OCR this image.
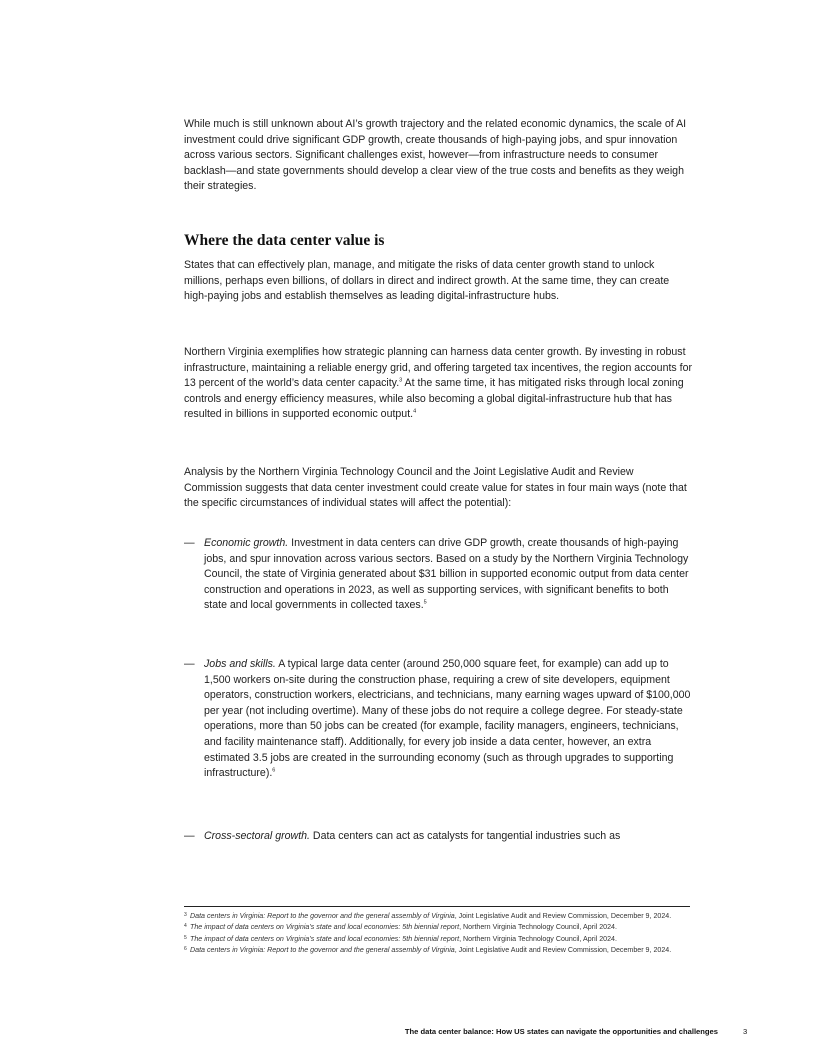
While much is still unknown about AI’s growth trajectory and the related economic dynamics, the scale of AI investment could drive significant GDP growth, create thousands of high-paying jobs, and spur innovation across various sectors. Significant challenges exist, however—from infrastructure needs to consumer backlash—and state governments should develop a clear view of the true costs and benefits as they weigh their strategies.

Where the data center value is

States that can effectively plan, manage, and mitigate the risks of data center growth stand to unlock millions, perhaps even billions, of dollars in direct and indirect growth. At the same time, they can create high-paying jobs and establish themselves as leading digital-infrastructure hubs.

Northern Virginia exemplifies how strategic planning can harness data center growth. By investing in robust infrastructure, maintaining a reliable energy grid, and offering targeted tax incentives, the region accounts for 13 percent of the world’s data center capacity.$^3$ At the same time, it has mitigated risks through local zoning controls and energy efficiency measures, while also becoming a global digital-infrastructure hub that has resulted in billions in supported economic output.$^4$

Analysis by the Northern Virginia Technology Council and the Joint Legislative Audit and Review Commission suggests that data center investment could create value for states in four main ways (note that the specific circumstances of individual states will affect the potential):

— Economic growth. Investment in data centers can drive GDP growth, create thousands of high-paying jobs, and spur innovation across various sectors. Based on a study by the Northern Virginia Technology Council, the state of Virginia generated about $31 billion in supported economic output from data center construction and operations in 2023, as well as supporting services, with significant benefits to both state and local governments in collected taxes.$^5$
— Jobs and skills. A typical large data center (around 250,000 square feet, for example) can add up to 1,500 workers on-site during the construction phase, requiring a crew of site developers, equipment operators, construction workers, electricians, and technicians, many earning wages upward of $100,000 per year (not including overtime). Many of these jobs do not require a college degree. For steady-state operations, more than 50 jobs can be created (for example, facility managers, engineers, technicians, and facility maintenance staff). Additionally, for every job inside a data center, however, an extra estimated 3.5 jobs are created in the surrounding economy (such as through upgrades to supporting infrastructure).$^6$
— Cross-sectoral growth. Data centers can act as catalysts for tangential industries such as
3 Data centers in Virginia: Report to the governor and the general assembly of Virginia, Joint Legislative Audit and Review Commission, December 9, 2024.
4 The impact of data centers on Virginia’s state and local economies: 5th biennial report, Northern Virginia Technology Council, April 2024.
5 The impact of data centers on Virginia’s state and local economies: 5th biennial report, Northern Virginia Technology Council, April 2024.
6 Data centers in Virginia: Report to the governor and the general assembly of Virginia, Joint Legislative Audit and Review Commission, December 9, 2024.
The data center balance: How US states can navigate the opportunities and challenges	3
